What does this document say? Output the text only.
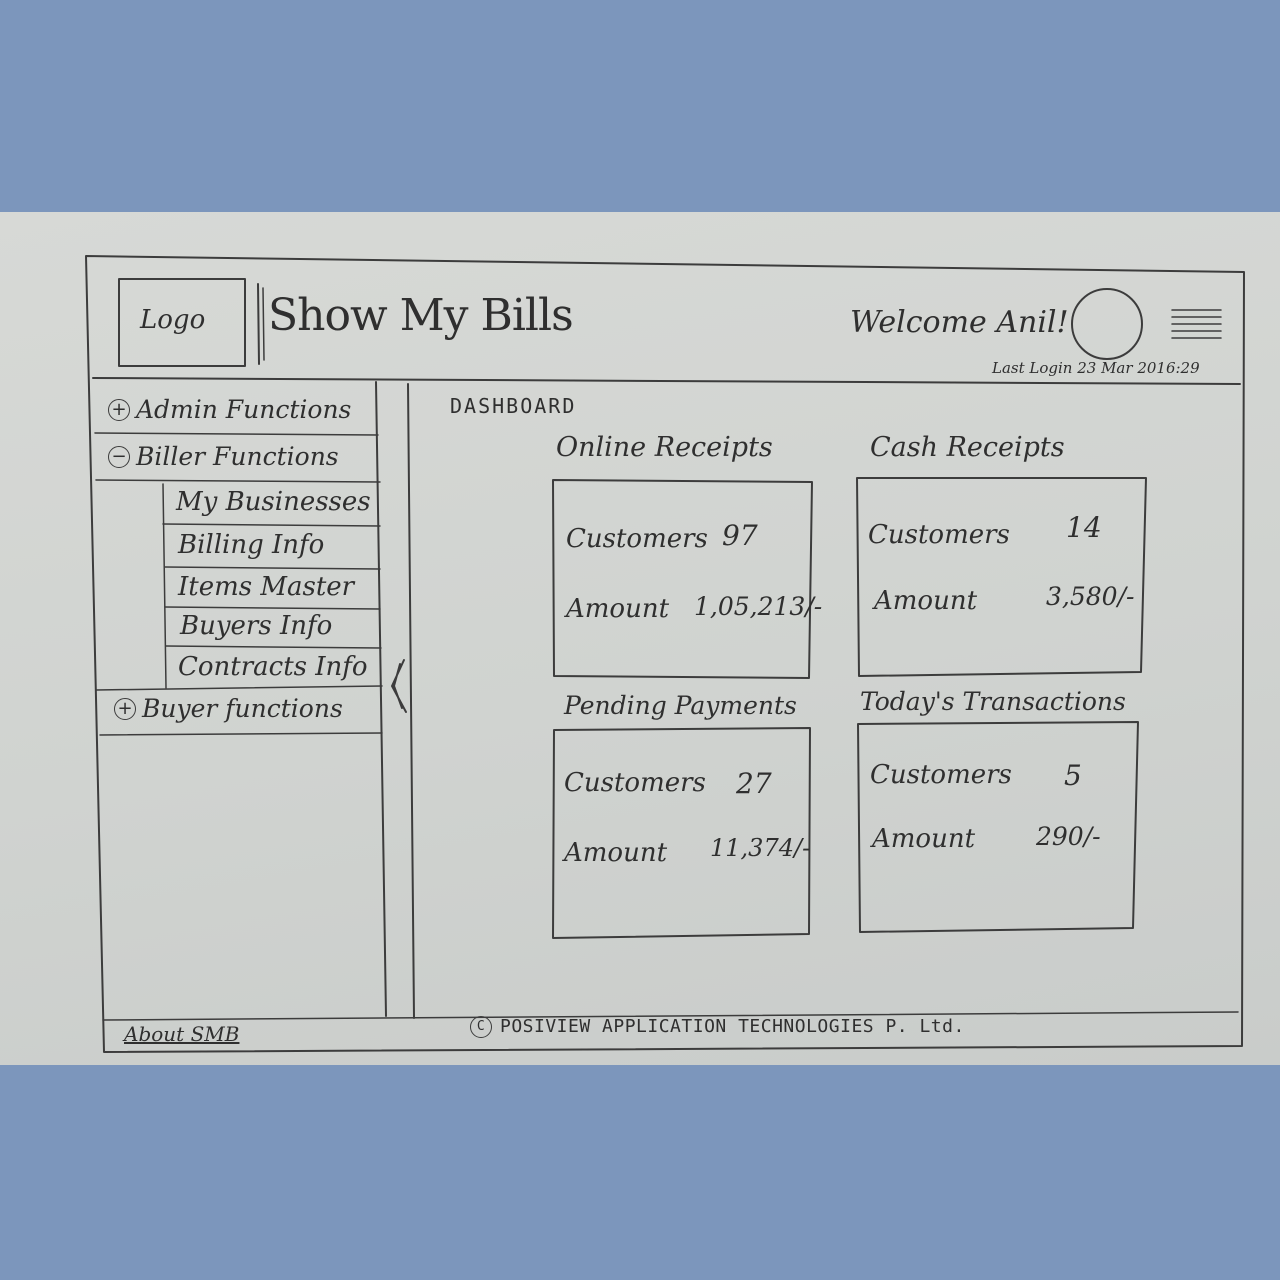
Logo Show My Bills	Welcome Anil!
Last Login 23 Mar 2016:29
+ Admin Functions
− Biller Functions
My Businesses
Billing Info
Items Master
Buyers Info
Contracts Info
+ Buyer functions
DASHBOARD
Online Receipts
Customers 97
Amount 1,05,213/-
Cash Receipts
Customers 14
Amount	3,580/-
Pending Payments
Customers 27
Amount 11,374/-
Today's Transactions
Customers 5
Amount 290/-
About SMB	C POSIVIEW APPLICATION TECHNOLOGIES P. Ltd.
